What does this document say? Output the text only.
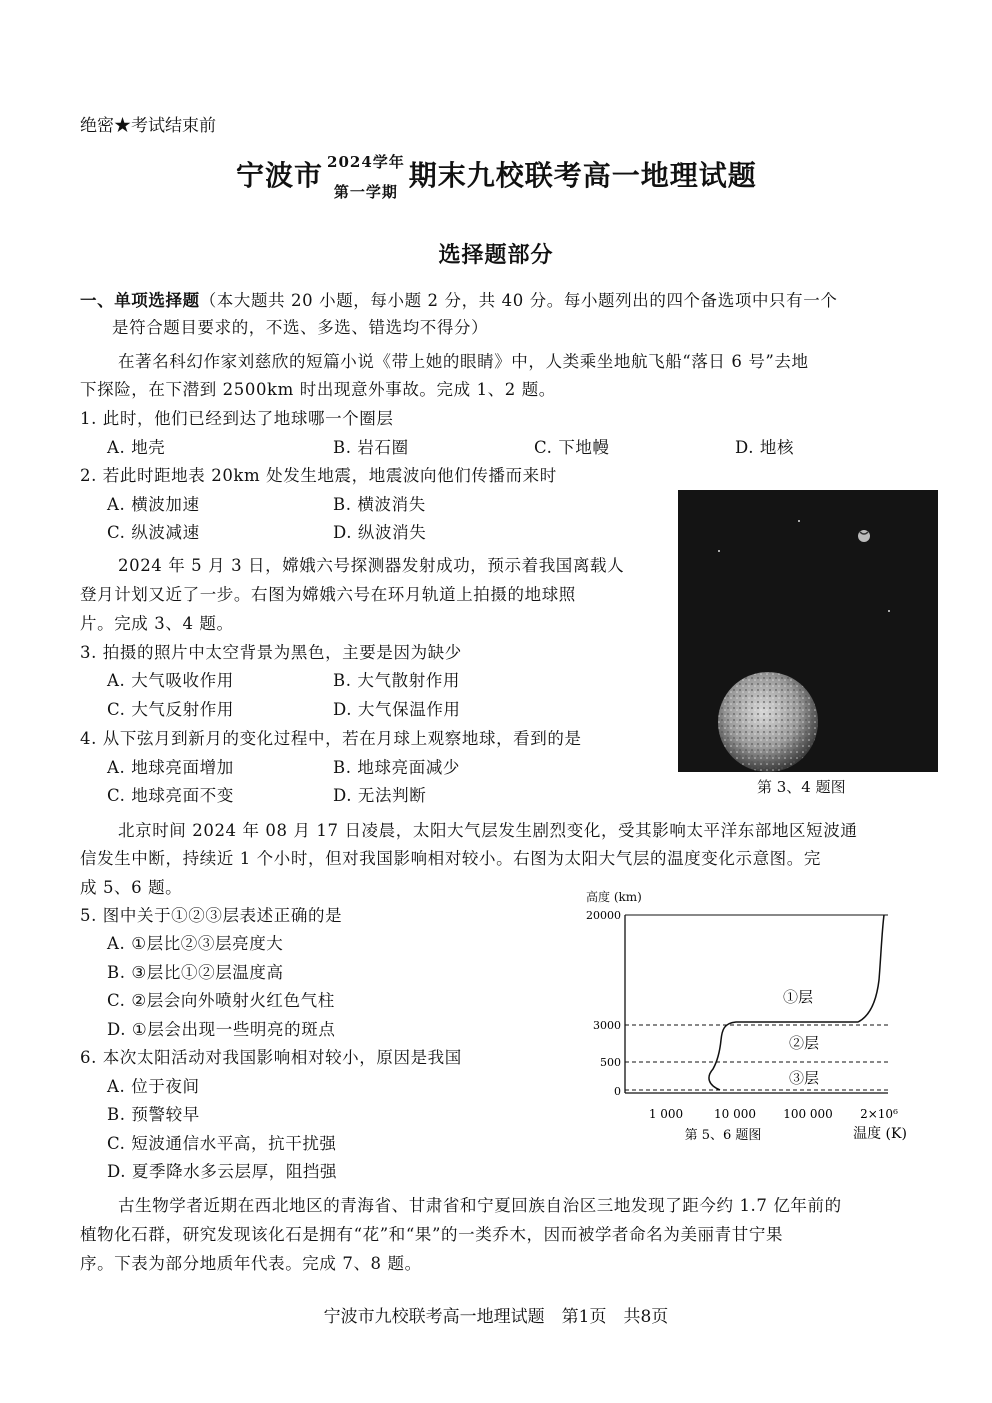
绝密★考试结束前
宁波市 2024学年
第一学期 期末九校联考高一地理试题
选择题部分
一、单项选择题（本大题共 20 小题，每小题 2 分，共 40 分。每小题列出的四个备选项中只有一个
是符合题目要求的，不选、多选、错选均不得分）
在著名科幻作家刘慈欣的短篇小说《带上她的眼睛》中，人类乘坐地航飞船“落日 6 号”去地
下探险，在下潜到 2500km 时出现意外事故。完成 1、2 题。
1. 此时，他们已经到达了地球哪一个圈层
A. 地壳	B. 岩石圈	C. 下地幔	D. 地核
2. 若此时距地表 20km 处发生地震，地震波向他们传播而来时
A. 横波加速	B. 横波消失
C. 纵波减速	D. 纵波消失
2024 年 5 月 3 日，嫦娥六号探测器发射成功，预示着我国离载人
登月计划又近了一步。右图为嫦娥六号在环月轨道上拍摄的地球照
片。完成 3、4 题。
3. 拍摄的照片中太空背景为黑色，主要是因为缺少
A. 大气吸收作用	B. 大气散射作用
C. 大气反射作用	D. 大气保温作用
4. 从下弦月到新月的变化过程中，若在月球上观察地球，看到的是
A. 地球亮面增加	B. 地球亮面减少
C. 地球亮面不变	D. 无法判断	第 3、4 题图
北京时间 2024 年 08 月 17 日凌晨，太阳大气层发生剧烈变化，受其影响太平洋东部地区短波通
信发生中断，持续近 1 个小时，但对我国影响相对较小。右图为太阳大气层的温度变化示意图。完
成 5、6 题。
5. 图中关于①②③层表述正确的是
A. ①层比②③层亮度大
B. ③层比①②层温度高
C. ②层会向外喷射火红色气柱
D. ①层会出现一些明亮的斑点
6. 本次太阳活动对我国影响相对较小，原因是我国
A. 位于夜间
B. 预警较早
C. 短波通信水平高，抗干扰强
D. 夏季降水多云层厚，阻挡强
高度 (km)
20000
3000
500
0
1 000	10 000 100 000 2×10⁶
第 5、6 题图	温度 (K)
①层
②层
③层
古生物学者近期在西北地区的青海省、甘肃省和宁夏回族自治区三地发现了距今约 1.7 亿年前的
植物化石群，研究发现该化石是拥有“花”和“果”的一类乔木，因而被学者命名为美丽青甘宁果
序。下表为部分地质年代表。完成 7、8 题。
宁波市九校联考高一地理试题　第1页　共8页
